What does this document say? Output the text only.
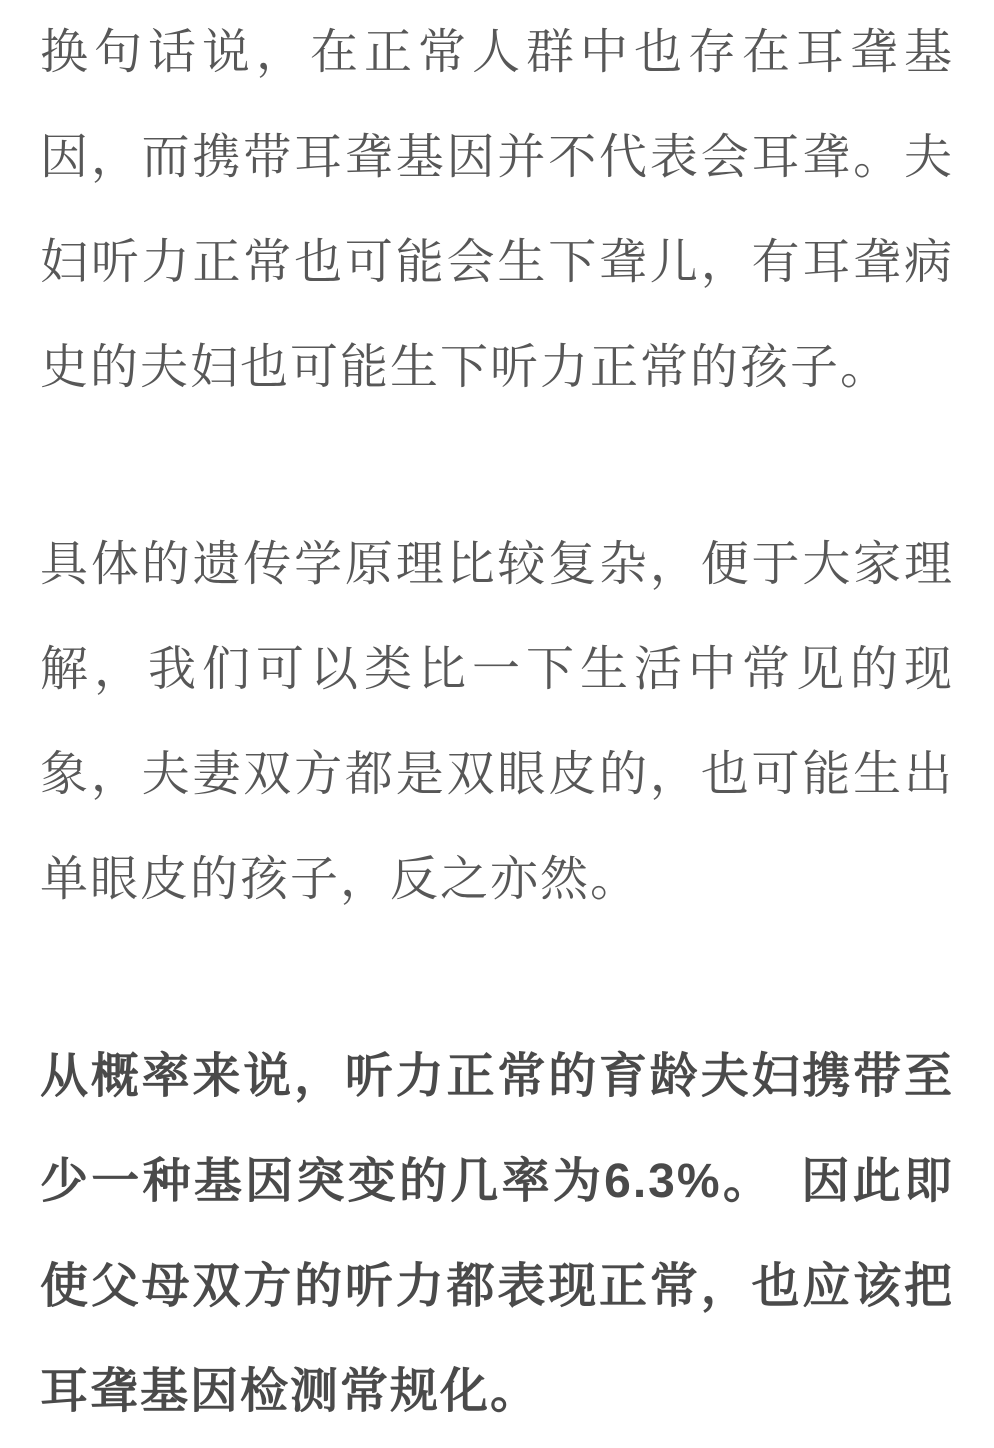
换句话说，在正常人群中也存在耳聋基
因，而携带耳聋基因并不代表会耳聋。夫
妇听力正常也可能会生下聋儿，有耳聋病
史的夫妇也可能生下听力正常的孩子。
具体的遗传学原理比较复杂，便于大家理
解，我们可以类比一下生活中常见的现
象，夫妻双方都是双眼皮的，也可能生出
单眼皮的孩子，反之亦然。
从概率来说，听力正常的育龄夫妇携带至
少一种基因突变的几率为6.3%。　因此即
使父母双方的听力都表现正常，也应该把
耳聋基因检测常规化。
